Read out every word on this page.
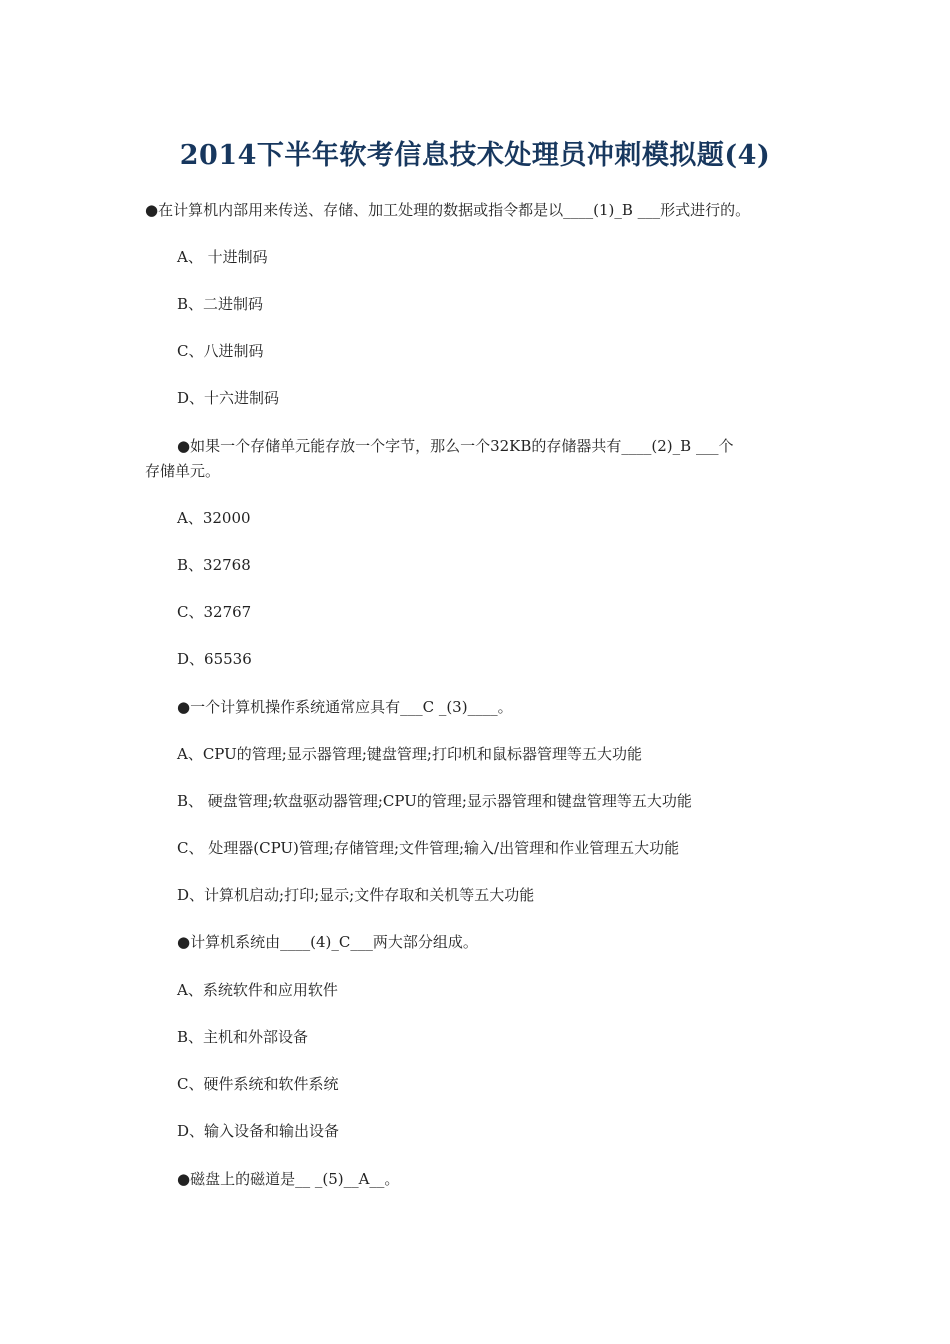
2014下半年软考信息技术处理员冲刺模拟题(4)
●在计算机内部用来传送、存储、加工处理的数据或指令都是以____(1)_B ___形式进行的。
A、 十进制码
B、二进制码
C、八进制码
D、十六进制码
●如果一个存储单元能存放一个字节，那么一个32KB的存储器共有____(2)_B ___个
存储单元。
A、32000
B、32768
C、32767
D、65536
●一个计算机操作系统通常应具有___C _(3)____。
A、CPU的管理;显示器管理;键盘管理;打印机和鼠标器管理等五大功能
B、 硬盘管理;软盘驱动器管理;CPU的管理;显示器管理和键盘管理等五大功能
C、 处理器(CPU)管理;存储管理;文件管理;输入/出管理和作业管理五大功能
D、计算机启动;打印;显示;文件存取和关机等五大功能
●计算机系统由____(4)_C___两大部分组成。
A、系统软件和应用软件
B、主机和外部设备
C、硬件系统和软件系统
D、输入设备和输出设备
●磁盘上的磁道是__ _(5)__A__。
